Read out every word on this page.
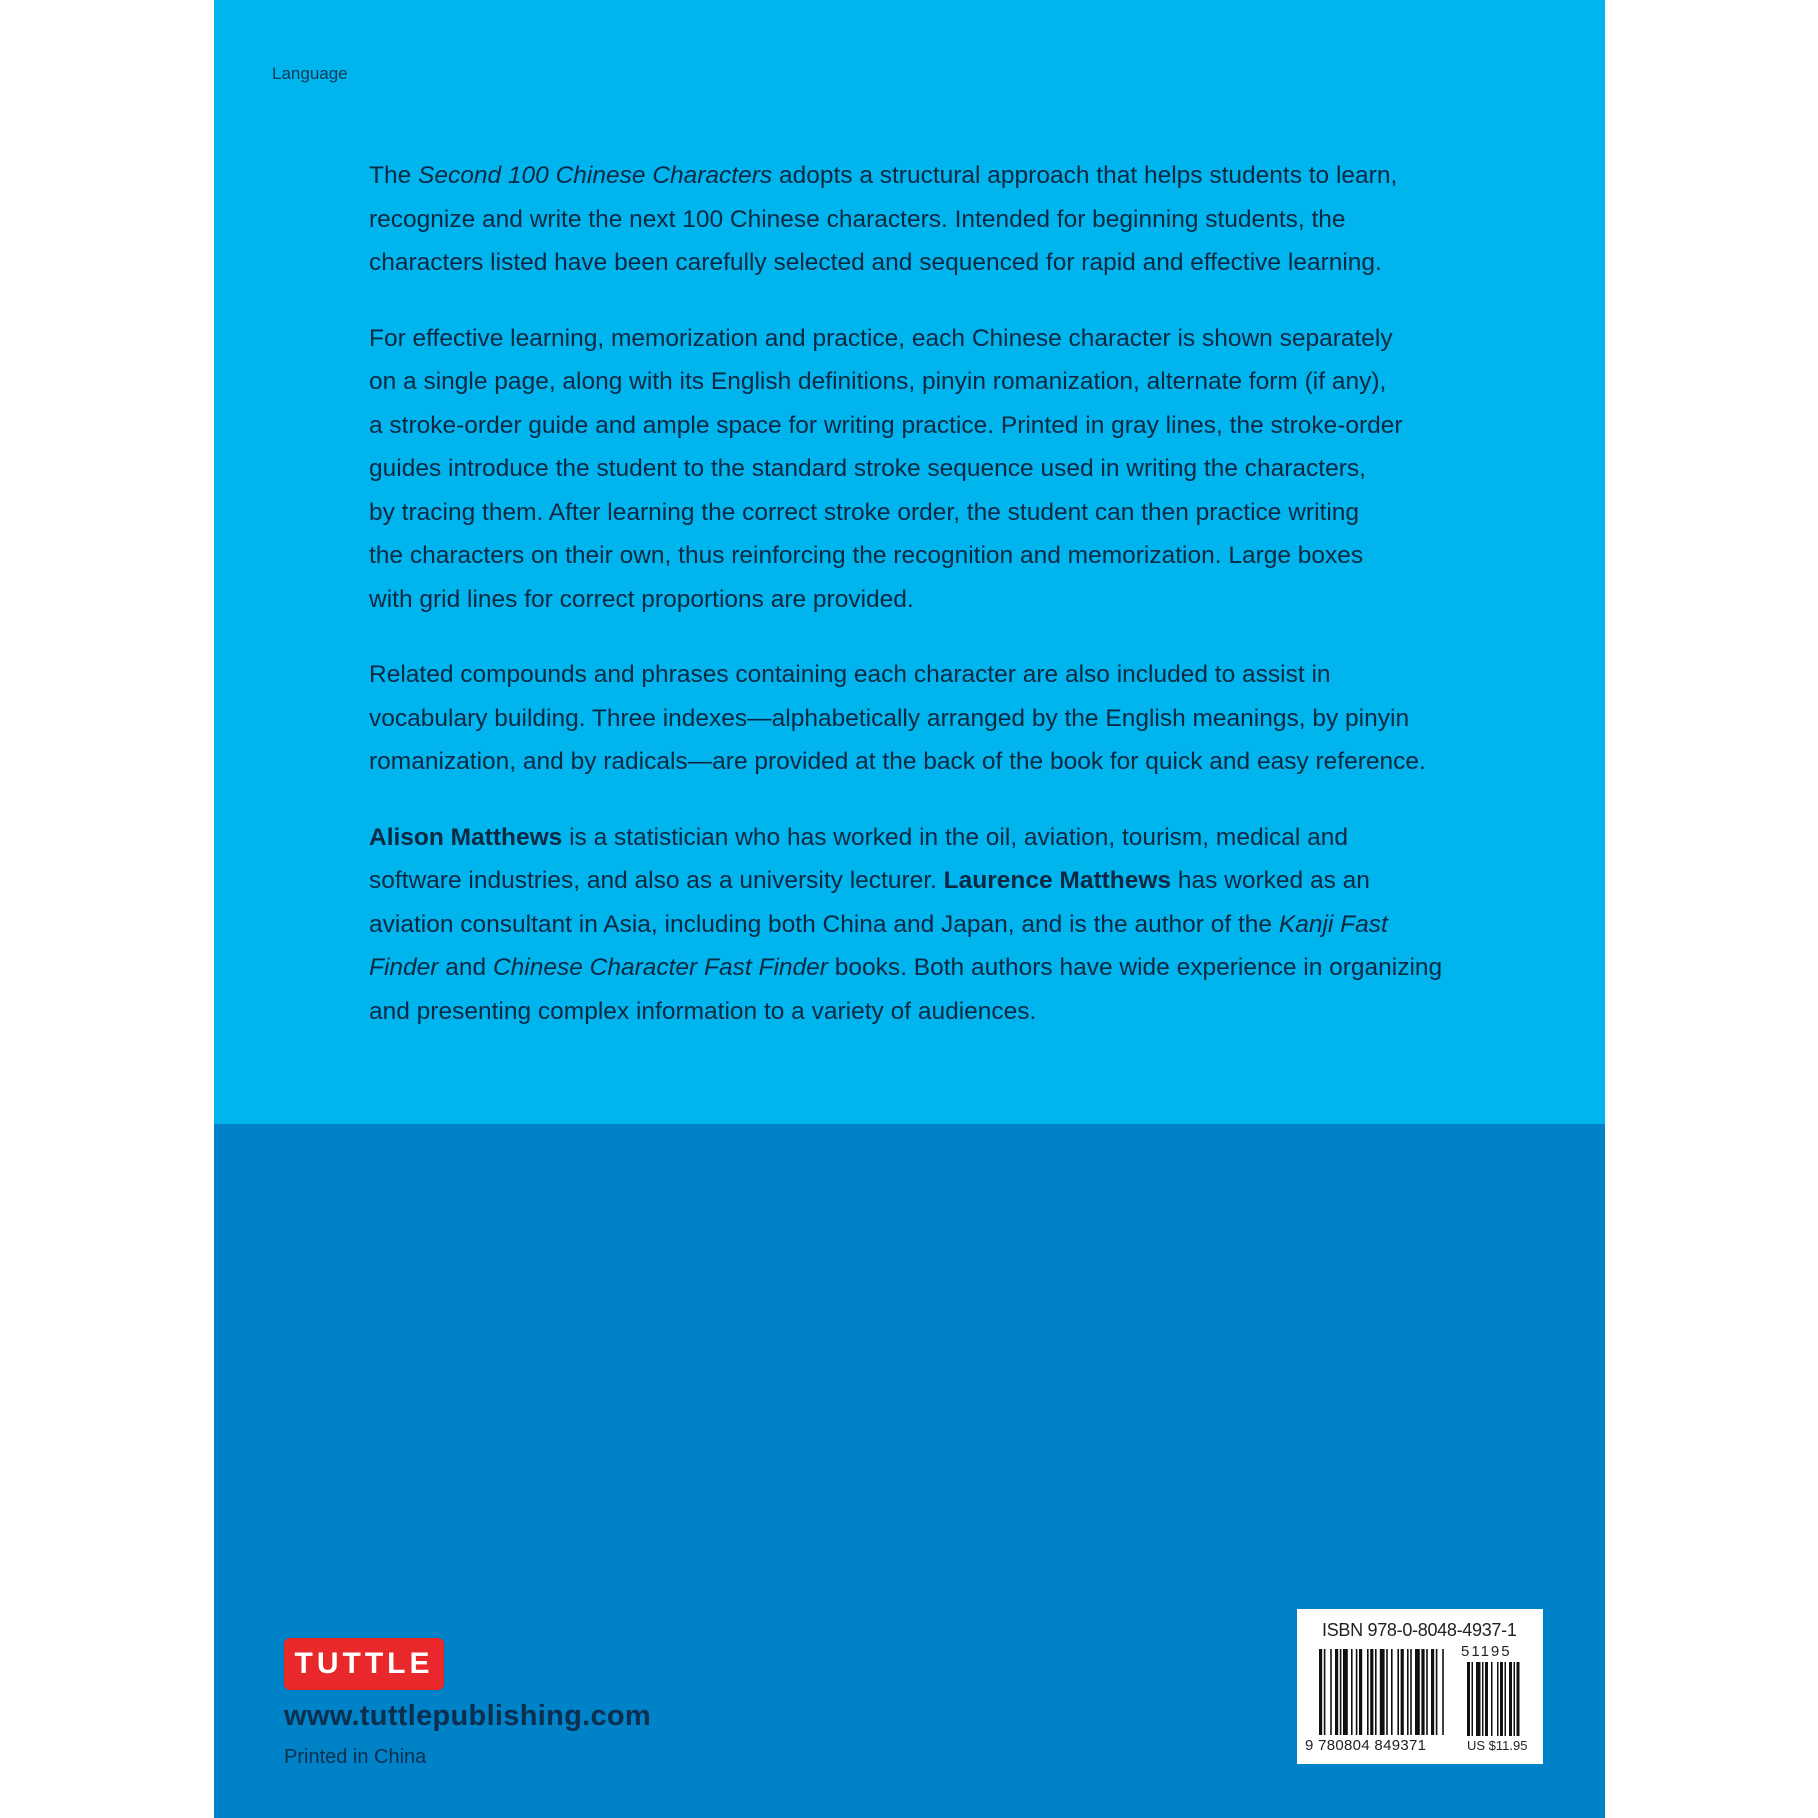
Language

The Second 100 Chinese Characters adopts a structural approach that helps students to learn,
recognize and write the next 100 Chinese characters. Intended for beginning students, the
characters listed have been carefully selected and sequenced for rapid and effective learning.

For effective learning, memorization and practice, each Chinese character is shown separately
on a single page, along with its English definitions, pinyin romanization, alternate form (if any),
a stroke-order guide and ample space for writing practice. Printed in gray lines, the stroke-order
guides introduce the student to the standard stroke sequence used in writing the characters,
by tracing them. After learning the correct stroke order, the student can then practice writing
the characters on their own, thus reinforcing the recognition and memorization. Large boxes
with grid lines for correct proportions are provided.

Related compounds and phrases containing each character are also included to assist in
vocabulary building. Three indexes—alphabetically arranged by the English meanings, by pinyin
romanization, and by radicals—are provided at the back of the book for quick and easy reference.

Alison Matthews is a statistician who has worked in the oil, aviation, tourism, medical and
software industries, and also as a university lecturer. Laurence Matthews has worked as an
aviation consultant in Asia, including both China and Japan, and is the author of the Kanji Fast
Finder and Chinese Character Fast Finder books. Both authors have wide experience in organizing
and presenting complex information to a variety of audiences.

TUTTLE
www.tuttlepublishing.com
Printed in China
ISBN 978-0-8048-4937-1
51195
9 780804 849371	US $11.95
